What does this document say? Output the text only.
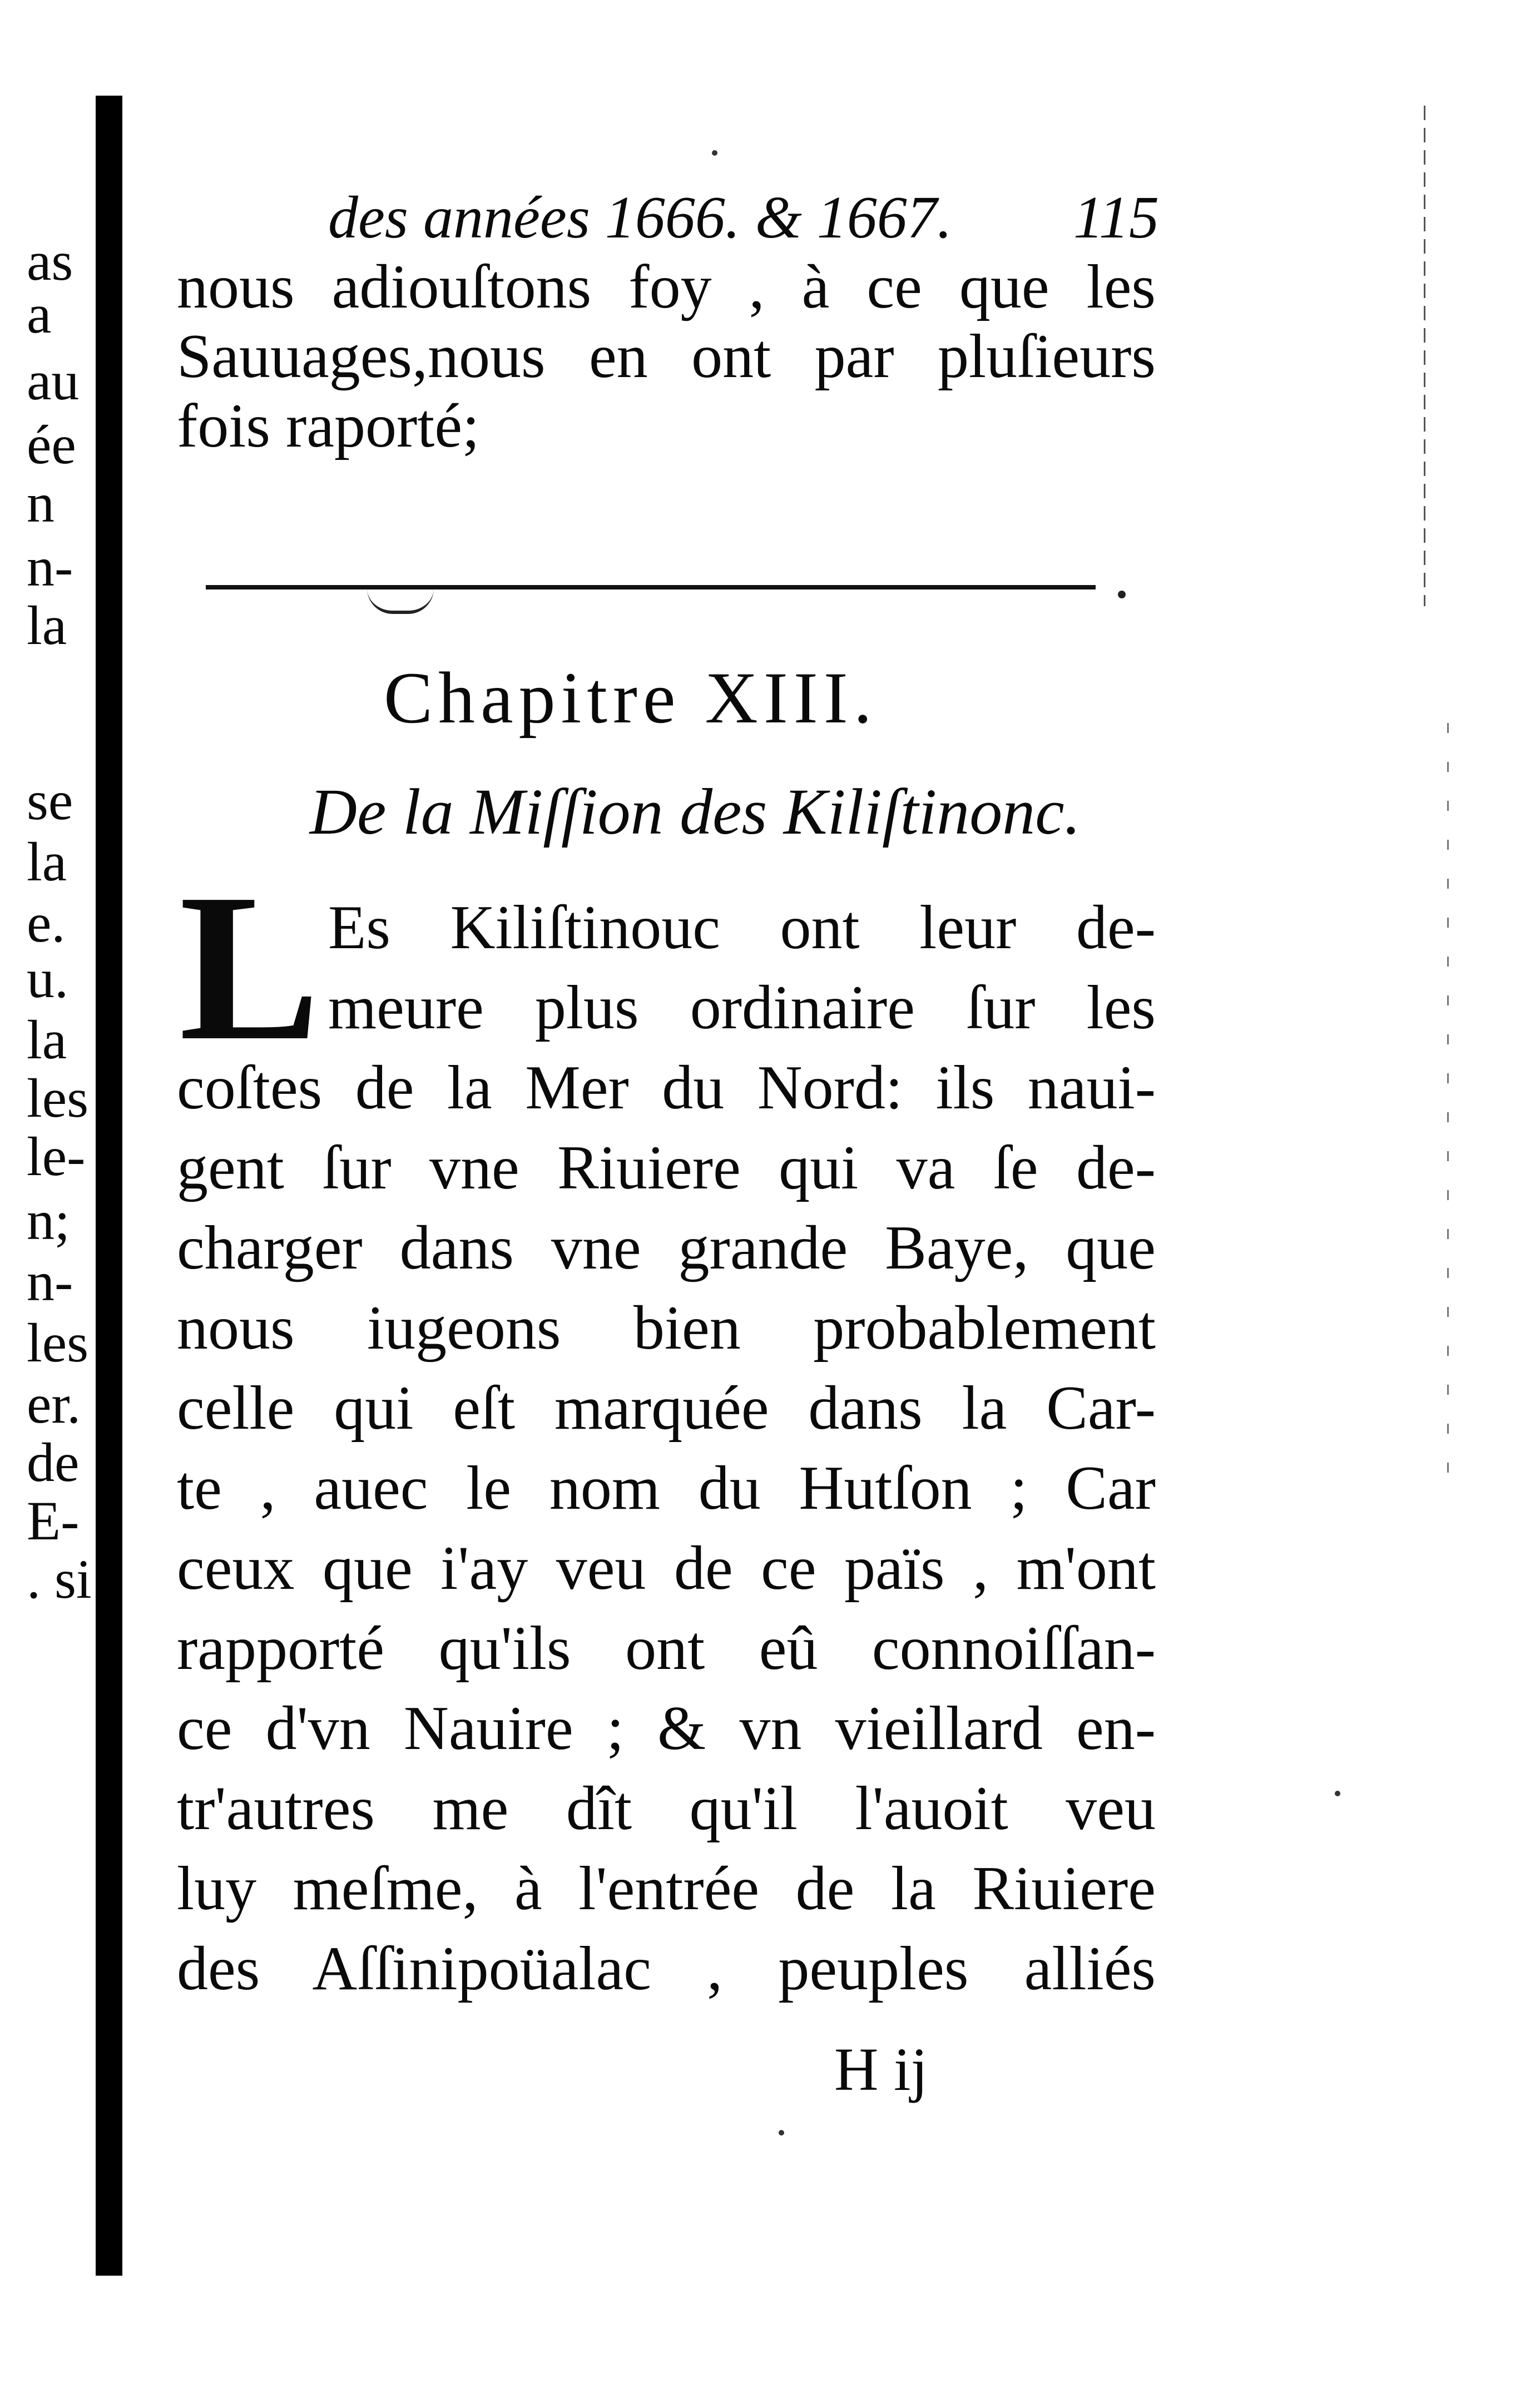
as
a
au
ée
n
n-
la
se
la
e.
u.
la
les
le-
n;
n-
les
er.
de
E-
. si
des années 1666. & 1667.	115
nous adiouſtons foy , à ce que les
Sauuages,nous en ont par pluſieurs
fois raporté;
Chapitre XIII.
De la Miſſion des Kiliſtinonc.
L Es Kiliſtinouc ont leur de-
meure plus ordinaire ſur les
coſtes de la Mer du Nord: ils naui-
gent ſur vne Riuiere qui va ſe de-
charger dans vne grande Baye, que
nous iugeons bien probablement
celle qui eſt marquée dans la Car-
te , auec le nom du Hutſon ; Car
ceux que i'ay veu de ce païs , m'ont
rapporté qu'ils ont eû connoiſſan-
ce d'vn Nauire ; & vn vieillard en-
tr'autres me dît qu'il l'auoit veu
luy meſme, à l'entrée de la Riuiere
des Aſſinipoüalac , peuples alliés
H ij
